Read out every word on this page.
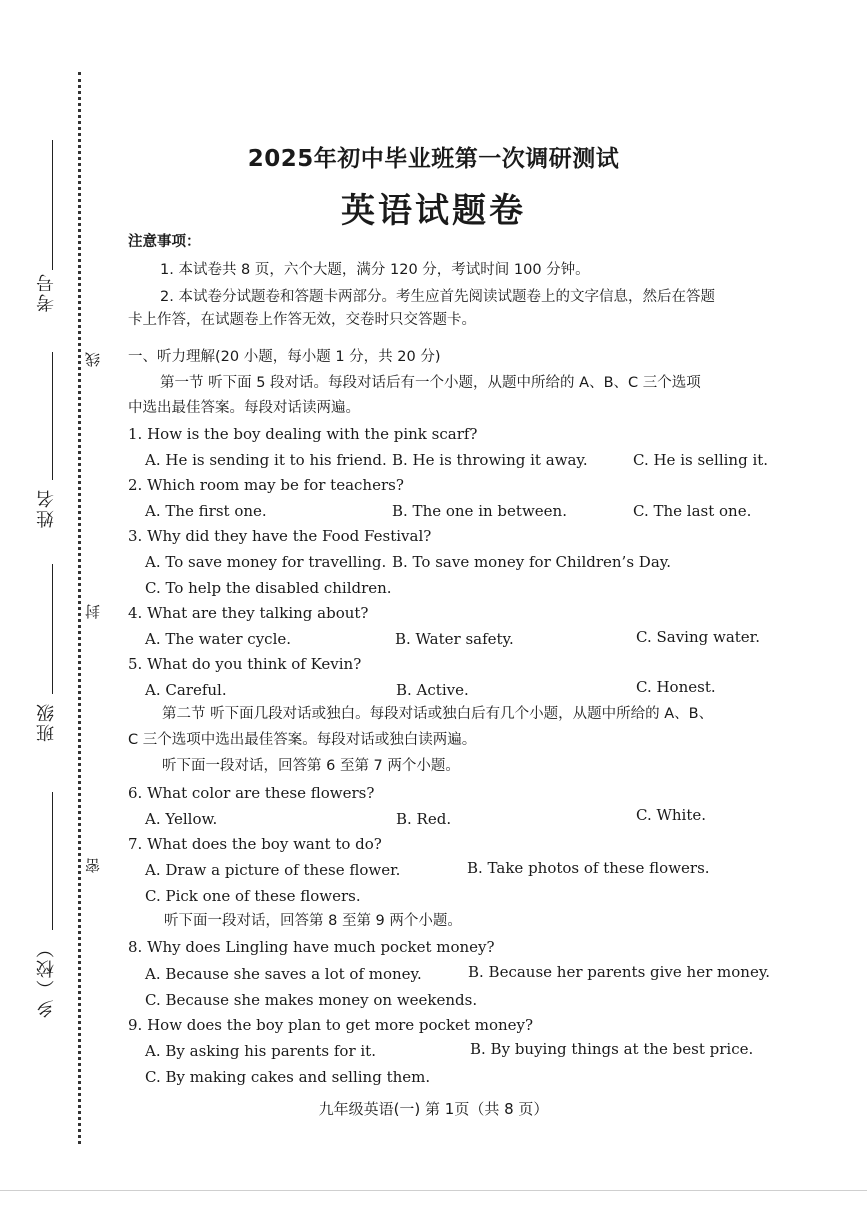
考号
姓名
班级
乡（校）
线
封
密
2025年初中毕业班第一次调研测试
英语试题卷
注意事项：
1. 本试卷共 8 页，六个大题，满分 120 分，考试时间 100 分钟。
2. 本试卷分试题卷和答题卡两部分。考生应首先阅读试题卷上的文字信息，然后在答题
卡上作答，在试题卷上作答无效，交卷时只交答题卡。
一、听力理解(20 小题，每小题 1 分，共 20 分)
第一节 听下面 5 段对话。每段对话后有一个小题，从题中所给的 A、B、C 三个选项
中选出最佳答案。每段对话读两遍。
1. How is the boy dealing with the pink scarf?
A. He is sending it to his friend. B. He is throwing it away.	C. He is selling it.
2. Which room may be for teachers?
A. The first one.	B. The one in between.	C. The last one.
3. Why did they have the Food Festival?
A. To save money for travelling. B. To save money for Children’s Day.
C. To help the disabled children.
4. What are they talking about?
A. The water cycle.	B. Water safety.	C. Saving water.
5. What do you think of Kevin?
A. Careful.	B. Active.	C. Honest.
第二节 听下面几段对话或独白。每段对话或独白后有几个小题，从题中所给的 A、B、
C 三个选项中选出最佳答案。每段对话或独白读两遍。
听下面一段对话，回答第 6 至第 7 两个小题。
6. What color are these flowers?
A. Yellow.	B. Red.	C. White.
7. What does the boy want to do?
A. Draw a picture of these flower.	B. Take photos of these flowers.
C. Pick one of these flowers.
听下面一段对话，回答第 8 至第 9 两个小题。
8. Why does Lingling have much pocket money?
A. Because she saves a lot of money.	B. Because her parents give her money.
C. Because she makes money on weekends.
9. How does the boy plan to get more pocket money?
A. By asking his parents for it.	B. By buying things at the best price.
C. By making cakes and selling them.
九年级英语(一) 第 1页（共 8 页）
